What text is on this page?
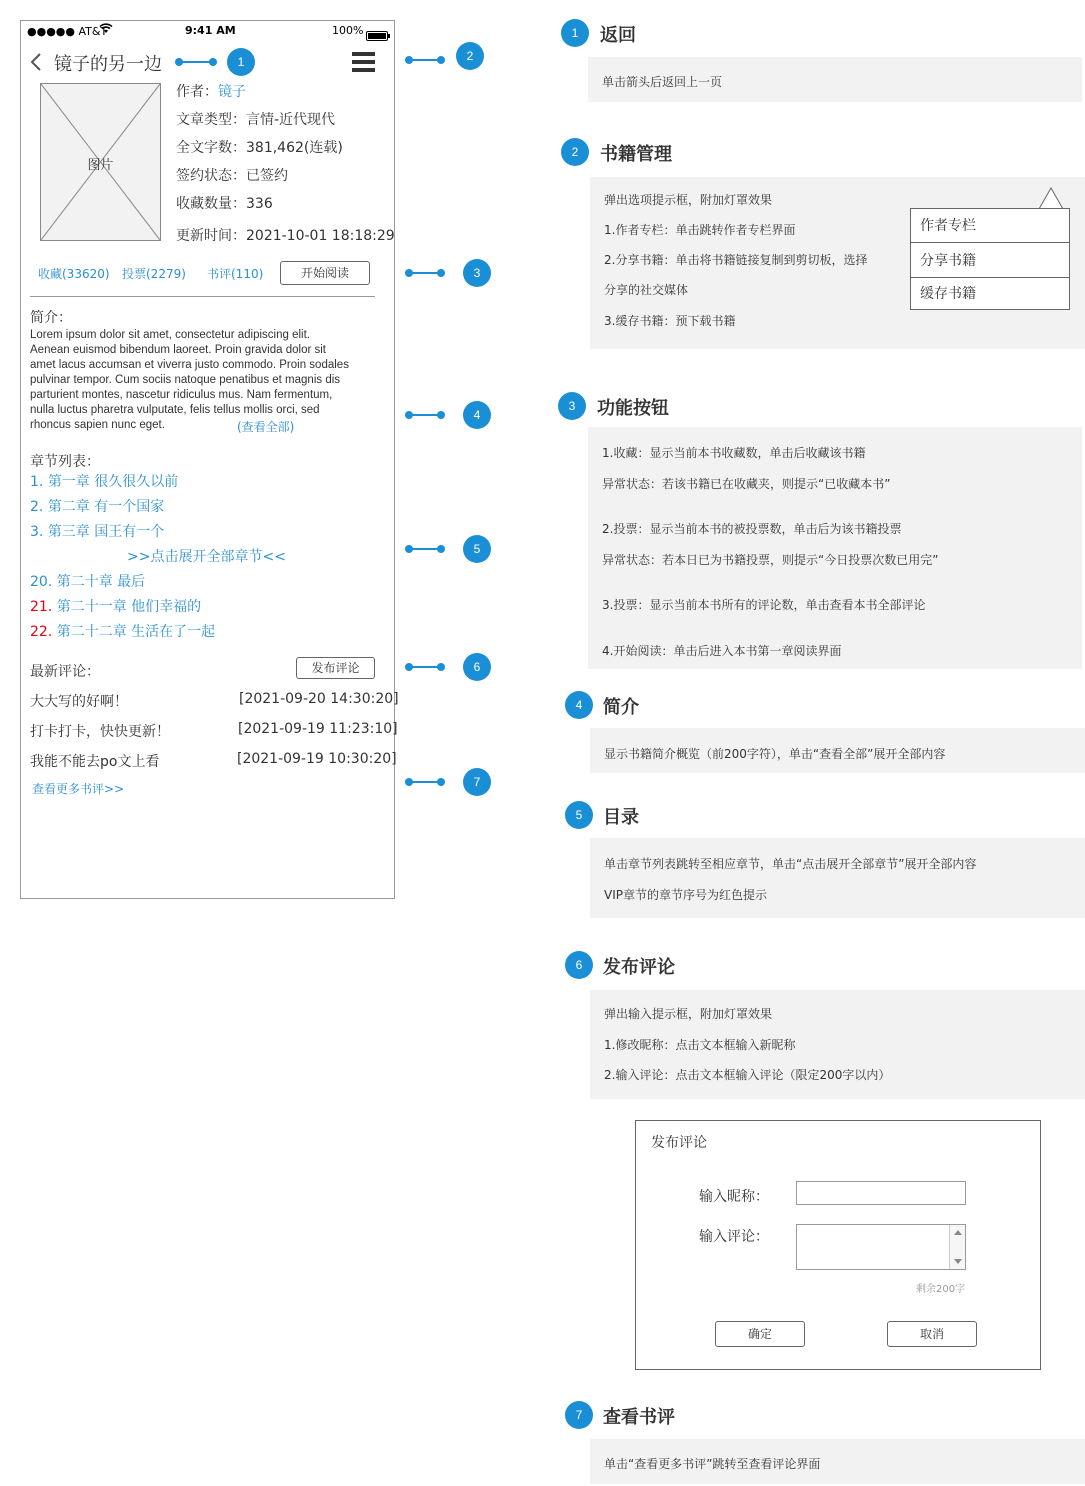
●●●●● AT&T	9:41 AM	100%
镜子的另一边
图片
作者：镜子
文章类型：言情-近代现代
全文字数：381,462(连载)
签约状态：已签约
收藏数量：336
更新时间：2021-10-01 18:18:29
收藏(33620) 投票(2279) 书评(110)	开始阅读
简介：
Lorem ipsum dolor sit amet, consectetur adipiscing elit.
Aenean euismod bibendum laoreet. Proin gravida dolor sit
amet lacus accumsan et viverra justo commodo. Proin sodales
pulvinar tempor. Cum sociis natoque penatibus et magnis dis
parturient montes, nascetur ridiculus mus. Nam fermentum,
nulla luctus pharetra vulputate, felis tellus mollis orci, sed
rhoncus sapien nunc eget.	(查看全部)
章节列表：
1. 第一章 很久很久以前
2. 第二章 有一个国家
3. 第三章 国王有一个
>>点击展开全部章节<<
20. 第二十章 最后
21. 第二十一章 他们幸福的
22. 第二十二章 生活在了一起
最新评论：	发布评论
大大写的好啊！	[2021-09-20 14:30:20]
打卡打卡，快快更新！	[2021-09-19 11:23:10]
我能不能去po文上看	[2021-09-19 10:30:20]
查看更多书评>>
1	2
3
4
5
6
7
1	返回
单击箭头后返回上一页
2	书籍管理
弹出选项提示框，附加灯罩效果
1.作者专栏：单击跳转作者专栏界面
2.分享书籍：单击将书籍链接复制到剪切板，选择
分享的社交媒体
3.缓存书籍：预下载书籍
作者专栏
分享书籍
缓存书籍
3	功能按钮
1.收藏：显示当前本书收藏数，单击后收藏该书籍
异常状态：若该书籍已在收藏夹，则提示“已收藏本书”
2.投票：显示当前本书的被投票数，单击后为该书籍投票
异常状态：若本日已为书籍投票，则提示“今日投票次数已用完”
3.投票：显示当前本书所有的评论数，单击查看本书全部评论
4.开始阅读：单击后进入本书第一章阅读界面
4	简介
显示书籍简介概览（前200字符），单击“查看全部”展开全部内容
5	目录
单击章节列表跳转至相应章节，单击“点击展开全部章节”展开全部内容
VIP章节的章节序号为红色提示
6	发布评论
弹出输入提示框，附加灯罩效果
1.修改昵称：点击文本框输入新昵称
2.输入评论：点击文本框输入评论（限定200字以内）
发布评论
输入昵称：
输入评论：
剩余200字
确定	取消
7	查看书评
单击“查看更多书评”跳转至查看评论界面
